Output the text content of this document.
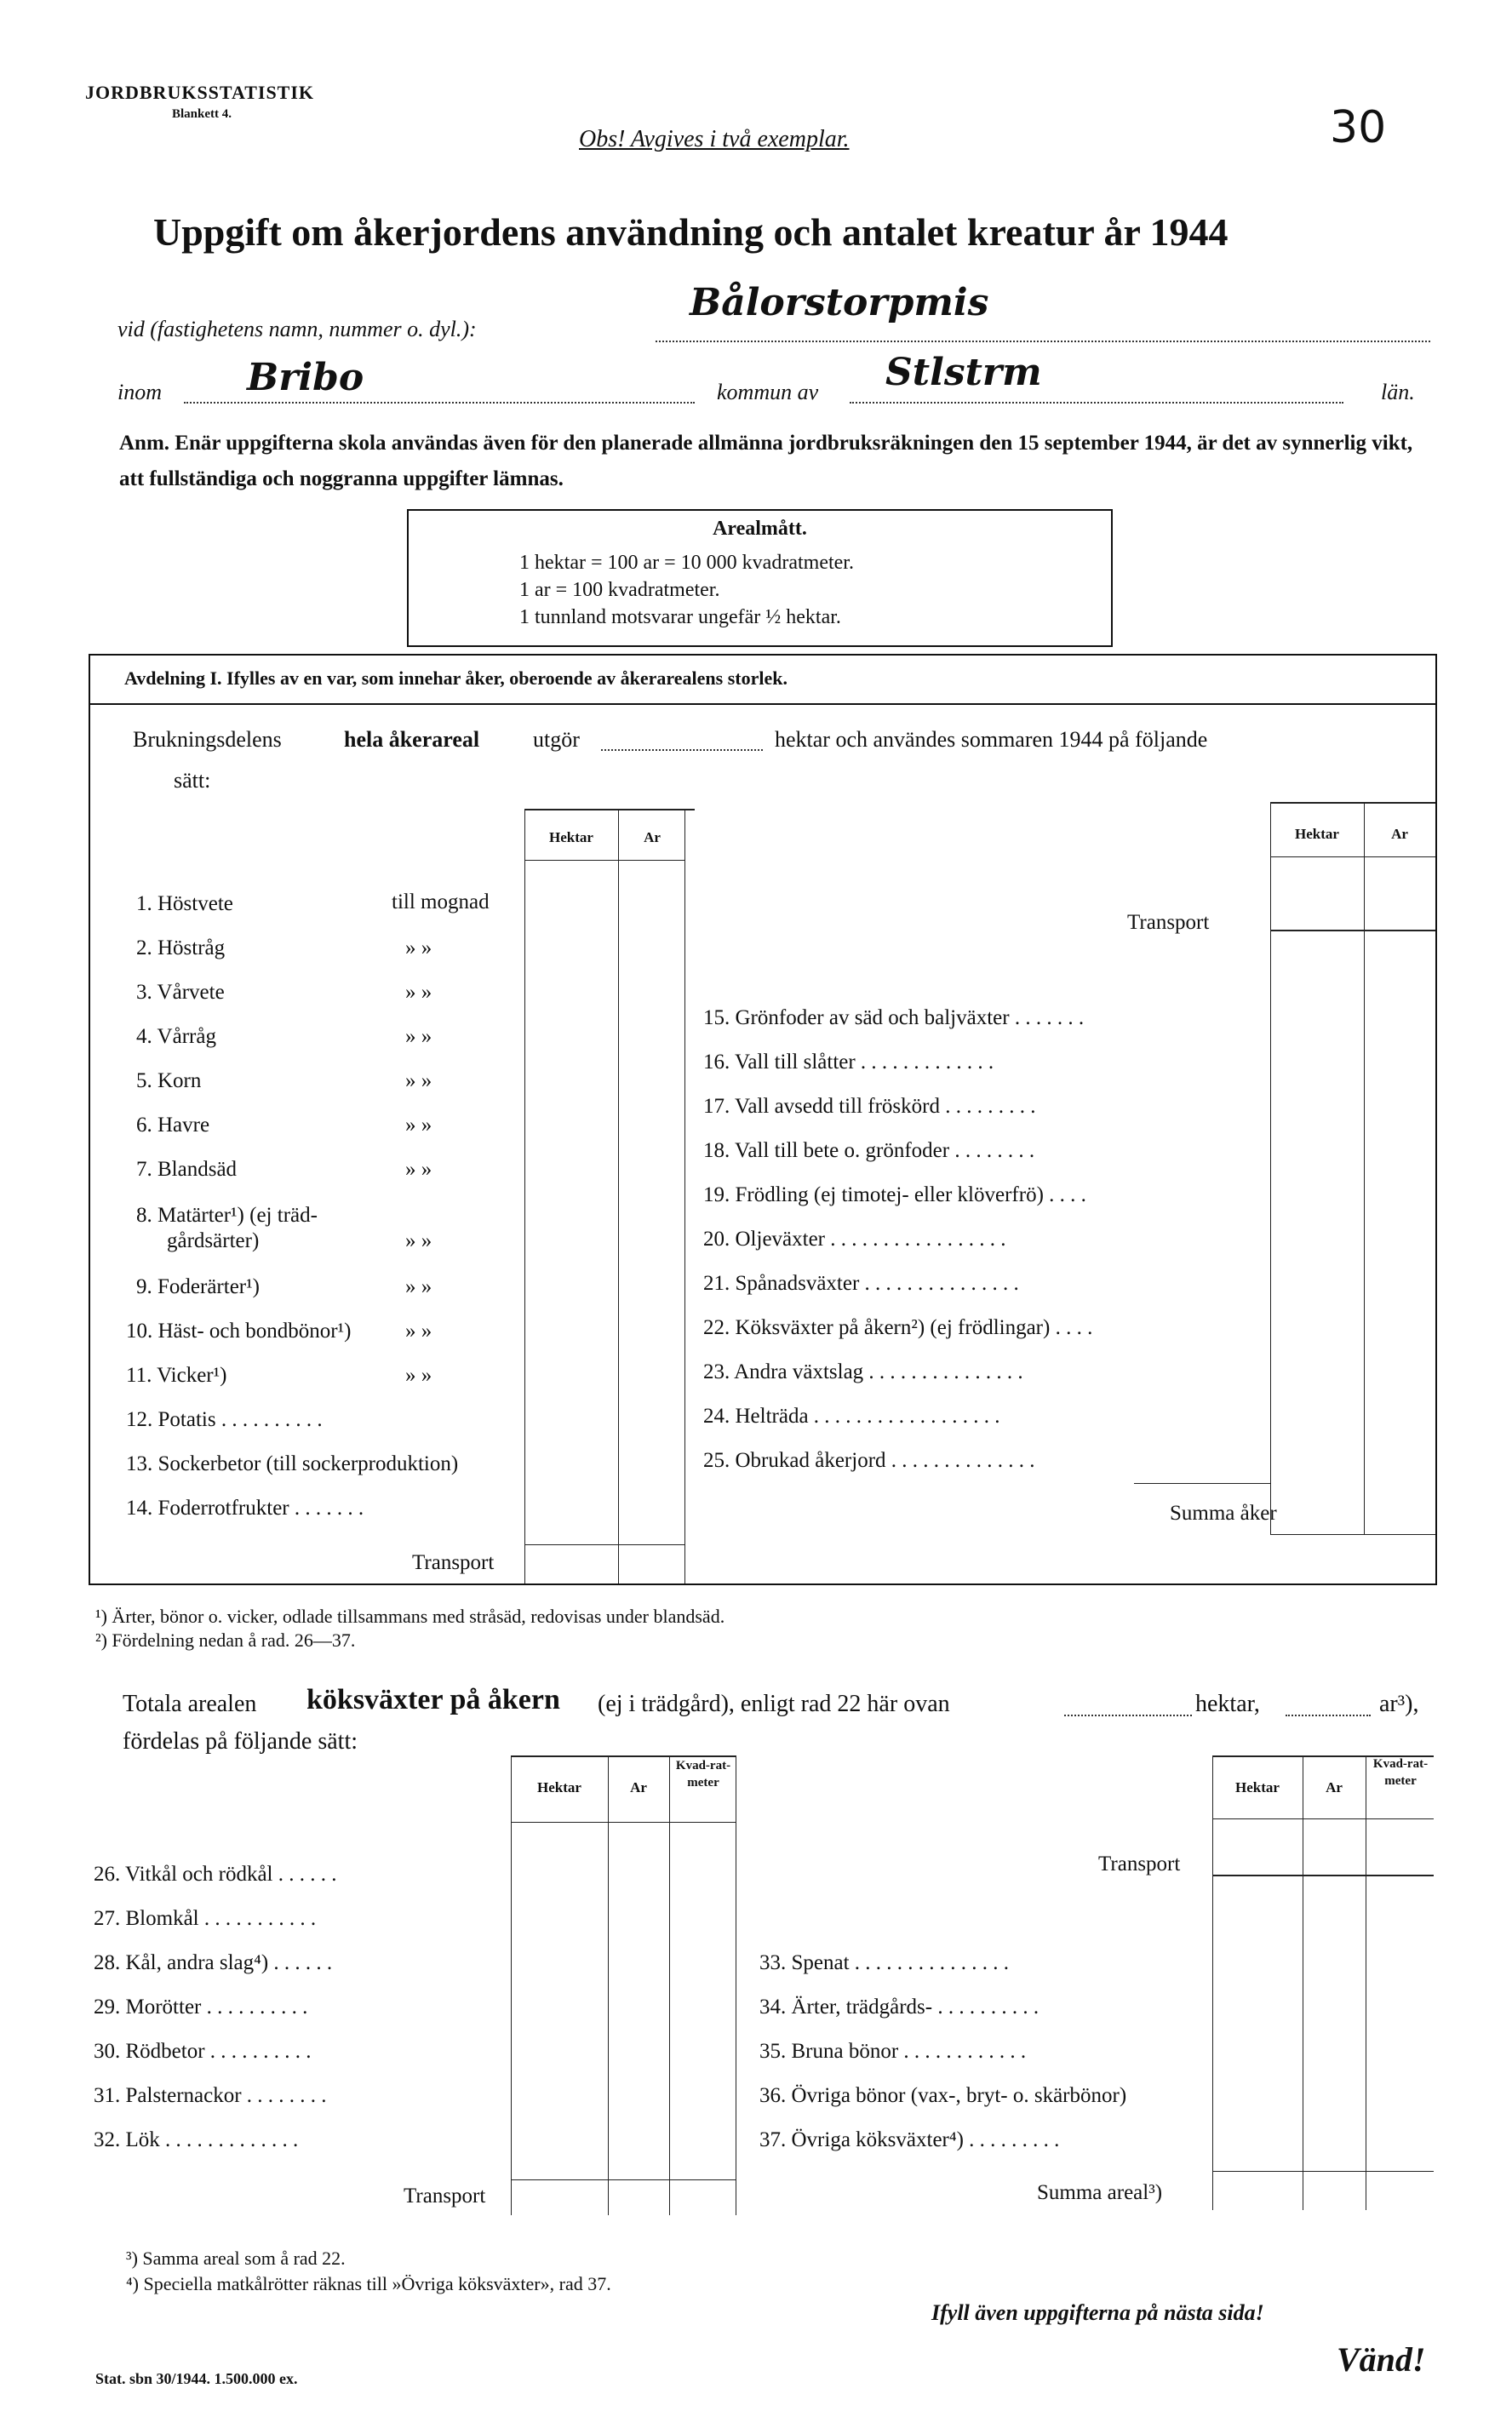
JORDBRUKSSTATISTIK
Blankett 4.
Obs! Avgives i två exemplar.	30
Uppgift om åkerjordens användning och antalet kreatur år 1944
vid (fastighetens namn, nummer o. dyl.):
Bålorstorpmis
inom Bribo	kommun av Stlstrm	län.
Anm. Enär uppgifterna skola användas även för den planerade allmänna jordbruksräkningen den 15 september 1944, är det av synnerlig vikt, att fullständiga och noggranna uppgifter lämnas.
Arealmått.
1 hektar = 100 ar = 10 000 kvadratmeter.
1 ar = 100 kvadratmeter.
1 tunnland motsvarar ungefär ½ hektar.
Avdelning I. Ifylles av en var, som innehar åker, oberoende av åkerarealens storlek.
Brukningsdelens	hela åkerareal utgör	hektar och användes sommaren 1944 på följande
sätt:
Hektar	Ar
1. Höstvete	till mognad
2. Höstråg	» »
3. Vårvete	» »
4. Vårråg	» »
5. Korn	» »
6. Havre	» »
7. Blandsäd	» »
8. Matärter¹) (ej träd-
gårdsärter)	» »
9. Foderärter¹)	» »
10. Häst- och bondbönor¹)	» »
11. Vicker¹)	» »
12. Potatis . . . . . . . . . .
13. Sockerbetor (till sockerproduktion)
14. Foderrotfrukter . . . . . . .
Transport
Hektar	Ar
Transport
15. Grönfoder av säd och baljväxter . . . . . . .
16. Vall till slåtter . . . . . . . . . . . . .
17. Vall avsedd till fröskörd . . . . . . . . .
18. Vall till bete o. grönfoder . . . . . . . .
19. Frödling (ej timotej- eller klöverfrö) . . . .
20. Oljeväxter . . . . . . . . . . . . . . . . .
21. Spånadsväxter . . . . . . . . . . . . . . .
22. Köksväxter på åkern²) (ej frödlingar) . . . .
23. Andra växtslag . . . . . . . . . . . . . . .
24. Helträda . . . . . . . . . . . . . . . . . .
25. Obrukad åkerjord . . . . . . . . . . . . . .
Summa åker
¹) Ärter, bönor o. vicker, odlade tillsammans med stråsäd, redovisas under blandsäd.
²) Fördelning nedan å rad. 26—37.
Totala arealen köksväxter på åkern (ej i trädgård), enligt rad 22 här ovan	hektar,	ar³),
fördelas på följande sätt:
Hektar	Ar
Kvad-rat-meter
26. Vitkål och rödkål . . . . . .
27. Blomkål . . . . . . . . . . .
28. Kål, andra slag⁴) . . . . . .
29. Morötter . . . . . . . . . .
30. Rödbetor . . . . . . . . . .
31. Palsternackor . . . . . . . .
32. Lök . . . . . . . . . . . . .
Transport
Hektar	Ar
Kvad-rat-meter
Transport
33. Spenat . . . . . . . . . . . . . . .
34. Ärter, trädgårds- . . . . . . . . . .
35. Bruna bönor . . . . . . . . . . . .
36. Övriga bönor (vax-, bryt- o. skärbönor)
37. Övriga köksväxter⁴) . . . . . . . . .
Summa areal³)
³) Samma areal som å rad 22.
⁴) Speciella matkålrötter räknas till »Övriga köksväxter», rad 37.
Ifyll även uppgifterna på nästa sida!
Vänd!
Stat. sbn 30/1944. 1.500.000 ex.
